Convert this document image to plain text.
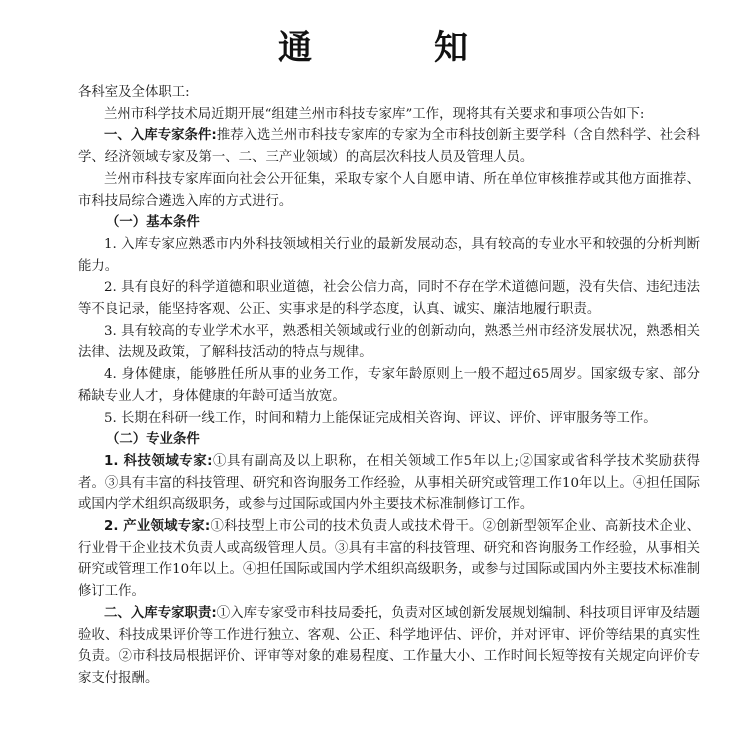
通　知

各科室及全体职工:

兰州市科学技术局近期开展“组建兰州市科技专家库”工作，现将其有关要求和事项公告如下:

一、入库专家条件:推荐入选兰州市科技专家库的专家为全市科技创新主要学科（含自然科学、社会科学、经济领域专家及第一、二、三产业领域）的高层次科技人员及管理人员。

兰州市科技专家库面向社会公开征集，采取专家个人自愿申请、所在单位审核推荐或其他方面推荐、市科技局综合遴选入库的方式进行。

（一）基本条件

1. 入库专家应熟悉市内外科技领域相关行业的最新发展动态，具有较高的专业水平和较强的分析判断能力。

2. 具有良好的科学道德和职业道德，社会公信力高，同时不存在学术道德问题，没有失信、违纪违法等不良记录，能坚持客观、公正、实事求是的科学态度，认真、诚实、廉洁地履行职责。

3. 具有较高的专业学术水平，熟悉相关领域或行业的创新动向，熟悉兰州市经济发展状况，熟悉相关法律、法规及政策，了解科技活动的特点与规律。

4. 身体健康，能够胜任所从事的业务工作，专家年龄原则上一般不超过65周岁。国家级专家、部分稀缺专业人才，身体健康的年龄可适当放宽。

5. 长期在科研一线工作，时间和精力上能保证完成相关咨询、评议、评价、评审服务等工作。

（二）专业条件

1. 科技领域专家:①具有副高及以上职称，在相关领域工作5年以上;②国家或省科学技术奖励获得者。③具有丰富的科技管理、研究和咨询服务工作经验，从事相关研究或管理工作10年以上。④担任国际或国内学术组织高级职务，或参与过国际或国内外主要技术标准制修订工作。

2. 产业领域专家:①科技型上市公司的技术负责人或技术骨干。②创新型领军企业、高新技术企业、行业骨干企业技术负责人或高级管理人员。③具有丰富的科技管理、研究和咨询服务工作经验，从事相关研究或管理工作10年以上。④担任国际或国内学术组织高级职务，或参与过国际或国内外主要技术标准制修订工作。

二、入库专家职责:①入库专家受市科技局委托，负责对区域创新发展规划编制、科技项目评审及结题验收、科技成果评价等工作进行独立、客观、公正、科学地评估、评价，并对评审、评价等结果的真实性负责。②市科技局根据评价、评审等对象的难易程度、工作量大小、工作时间长短等按有关规定向评价专家支付报酬。
